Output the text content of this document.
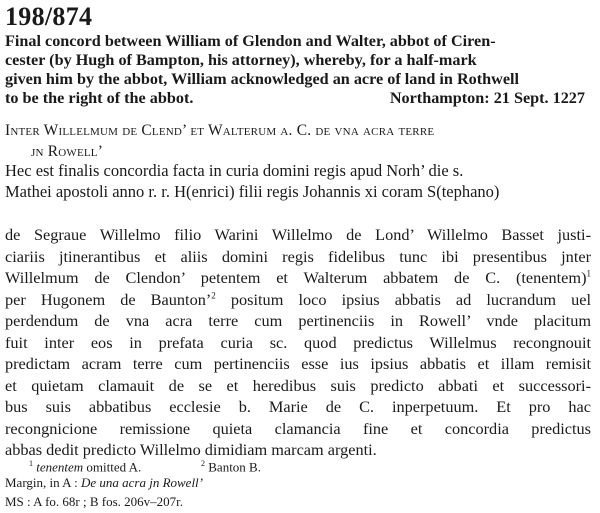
198/874
Final concord between William of Glendon and Walter, abbot of Ciren-
cester (by Hugh of Bampton, his attorney), whereby, for a half-mark
given him by the abbot, William acknowledged an acre of land in Rothwell
to be the right of the abbot.	Northampton: 21 Sept. 1227
Inter Willelmum de Clend’ et Walterum a. C. de vna acra terre
jn Rowell’
Hec est finalis concordia facta in curia domini regis apud Norh’ die s.
Mathei apostoli anno r. r. H(enrici) filii regis Johannis xi coram S(tephano)
de Segraue Willelmo filio Warini Willelmo de Lond’ Willelmo Basset justi-
ciariis jtinerantibus et aliis domini regis fidelibus tunc ibi presentibus jnter
Willelmum de Clendon’ petentem et Walterum abbatem de C. (tenentem)$^1$
per Hugonem de Baunton’$^2$ positum loco ipsius abbatis ad lucrandum uel
perdendum de vna acra terre cum pertinenciis in Rowell’ vnde placitum
fuit inter eos in prefata curia sc. quod predictus Willelmus recongnouit
predictam acram terre cum pertinenciis esse ius ipsius abbatis et illam remisit
et quietam clamauit de se et heredibus suis predicto abbati et successori-
bus suis abbatibus ecclesie b. Marie de C. inperpetuum. Et pro hac
recongnicione remissione quieta clamancia fine et concordia predictus
abbas dedit predicto Willelmo dimidiam marcam argenti.
$^1$ tenentem omitted A.	$^2$ Banton B.
Margin, in A : De una acra jn Rowell’
MS : A fo. 68r ; B fos. 206v–207r.
